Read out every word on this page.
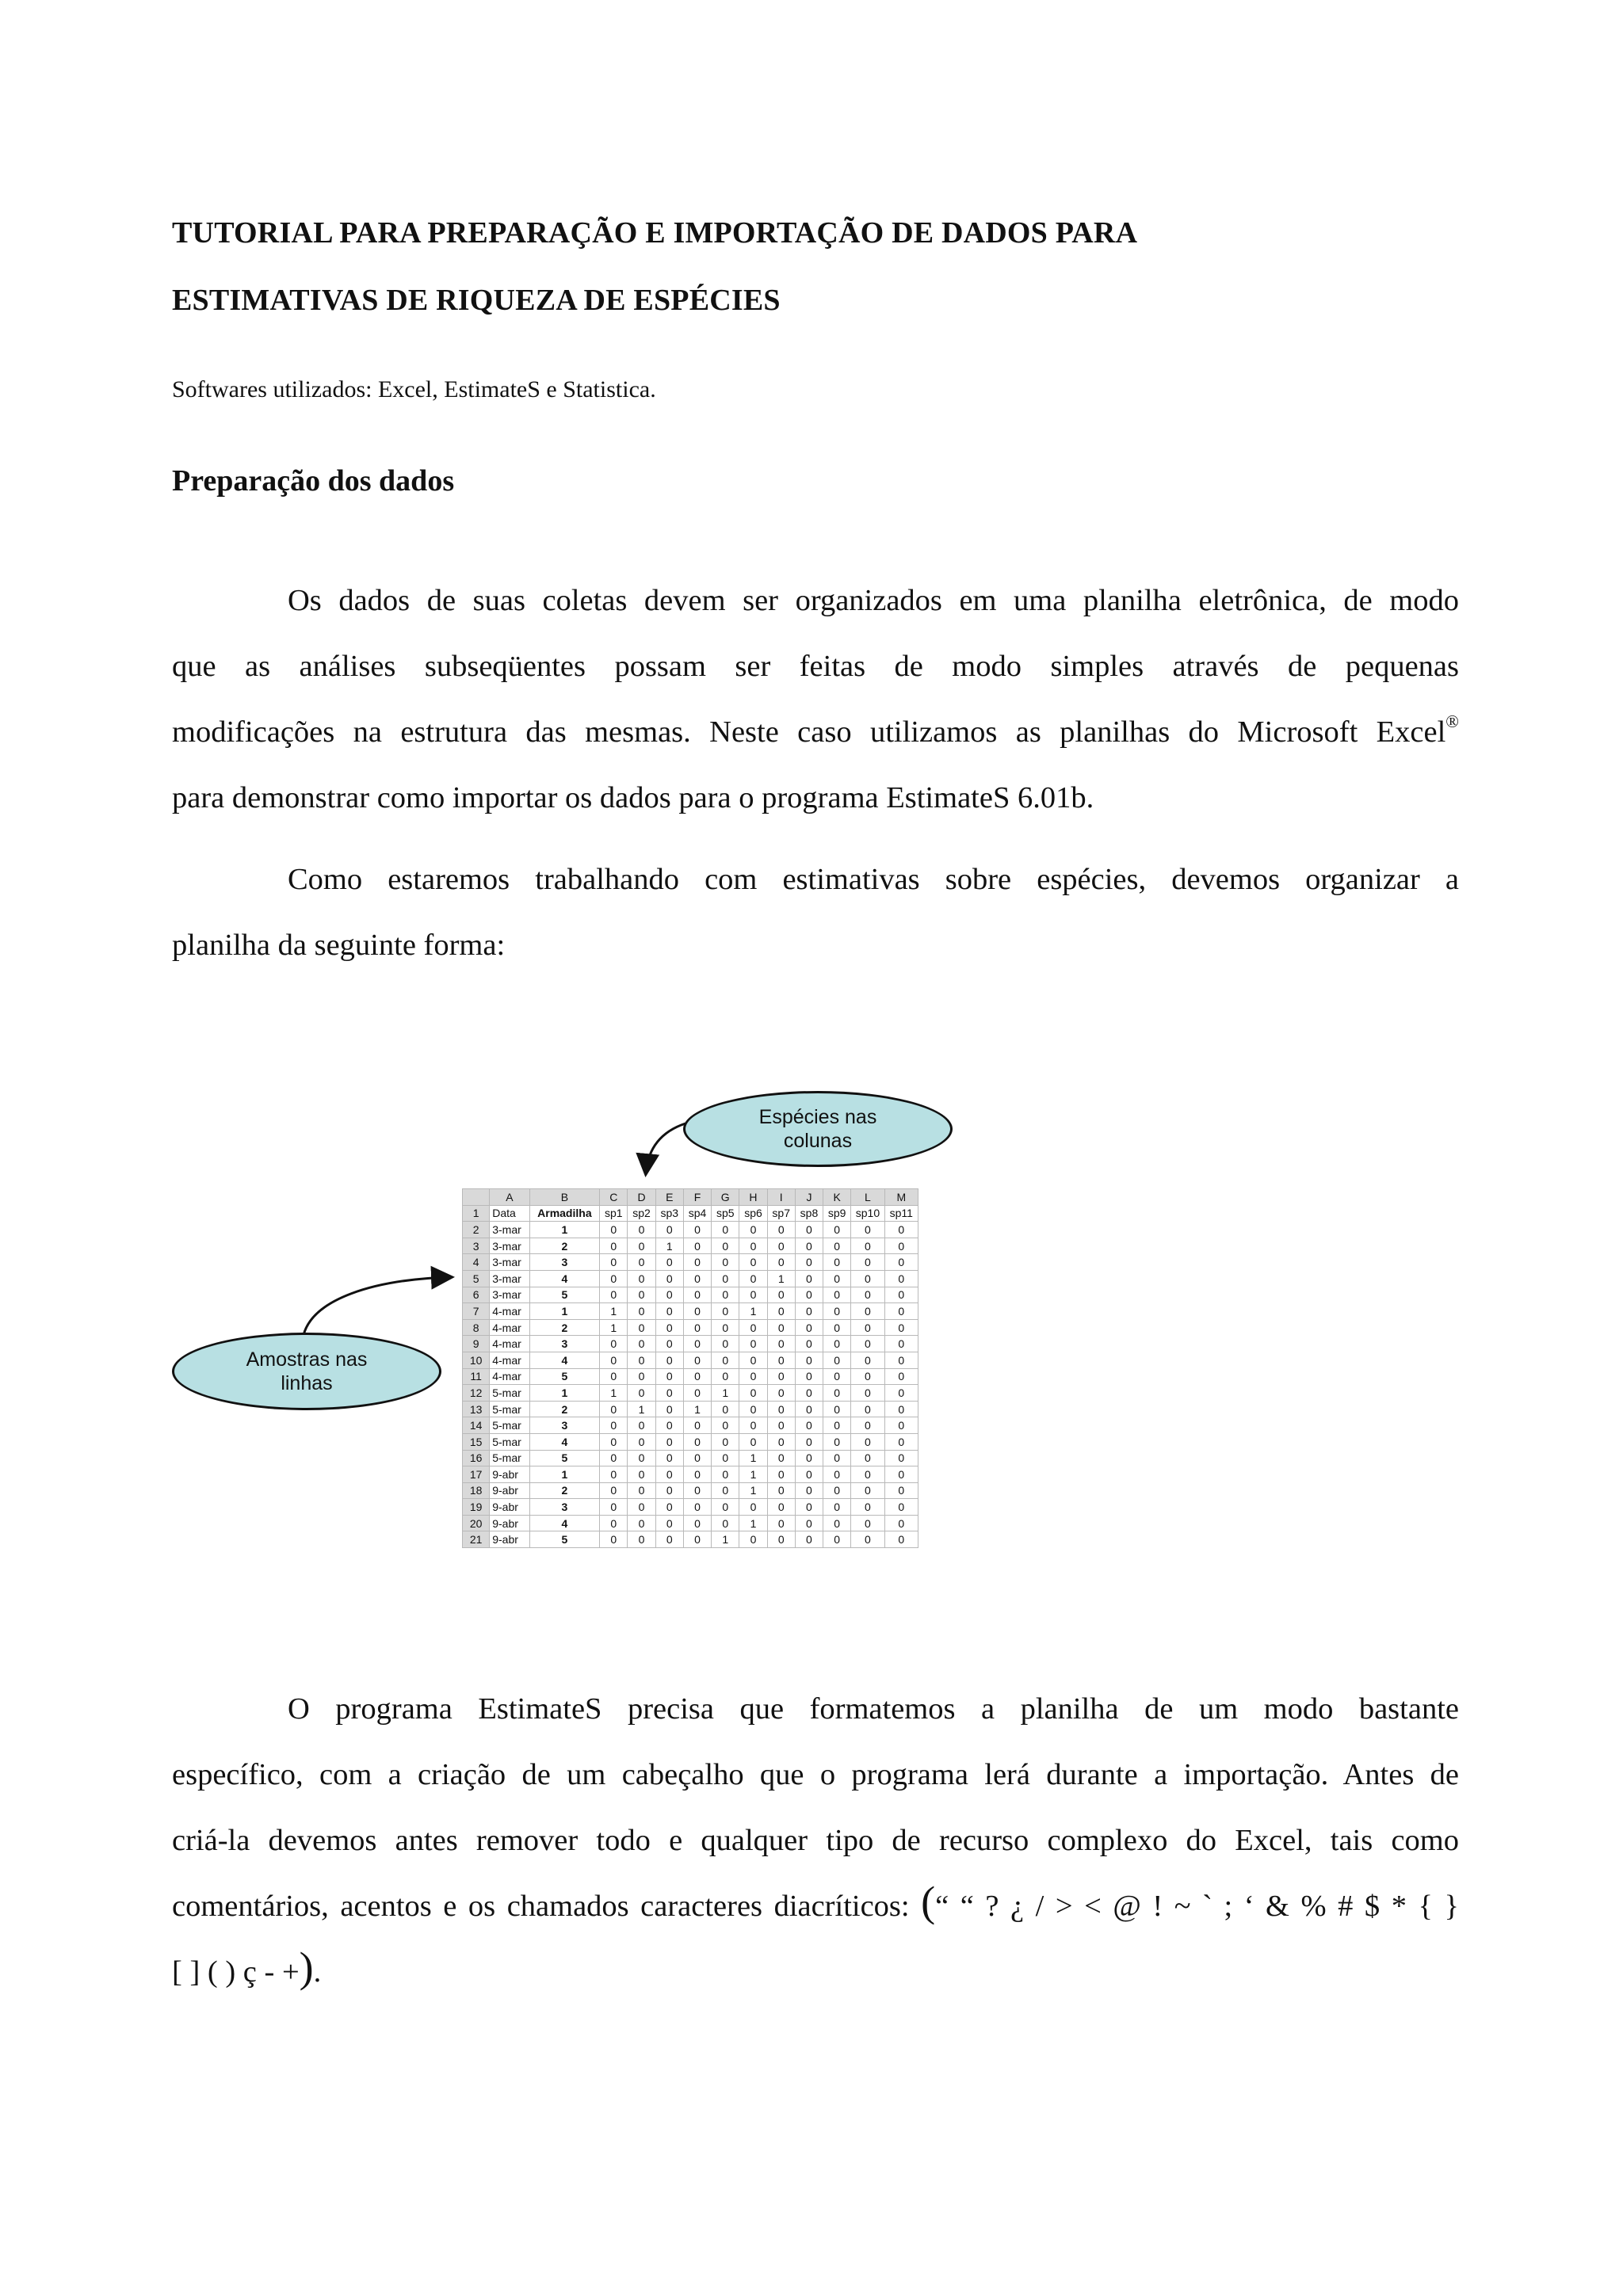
TUTORIAL PARA PREPARAÇÃO E IMPORTAÇÃO DE DADOS PARA
ESTIMATIVAS DE RIQUEZA DE ESPÉCIES
Softwares utilizados: Excel, EstimateS e Statistica.
Preparação dos dados
Os dados de suas coletas devem ser organizados em uma planilha eletrônica, de modo
que as análises subseqüentes possam ser feitas de modo simples através de pequenas
modificações na estrutura das mesmas. Neste caso utilizamos as planilhas do Microsoft Excel®
para demonstrar como importar os dados para o programa EstimateS 6.01b.
Como estaremos trabalhando com estimativas sobre espécies, devemos organizar a
planilha da seguinte forma:
Espécies nas colunas
Amostras nas linhas
	A	B	C	D	E	F	G	H	I	J	K	L	M
1	Data	Armadilha	sp1	sp2	sp3	sp4	sp5	sp6	sp7	sp8	sp9	sp10	sp11
2	3-mar	1	0	0	0	0	0	0	0	0	0	0	0
3	3-mar	2	0	0	1	0	0	0	0	0	0	0	0
4	3-mar	3	0	0	0	0	0	0	0	0	0	0	0
5	3-mar	4	0	0	0	0	0	0	1	0	0	0	0
6	3-mar	5	0	0	0	0	0	0	0	0	0	0	0
7	4-mar	1	1	0	0	0	0	1	0	0	0	0	0
8	4-mar	2	1	0	0	0	0	0	0	0	0	0	0
9	4-mar	3	0	0	0	0	0	0	0	0	0	0	0
10	4-mar	4	0	0	0	0	0	0	0	0	0	0	0
11	4-mar	5	0	0	0	0	0	0	0	0	0	0	0
12	5-mar	1	1	0	0	0	1	0	0	0	0	0	0
13	5-mar	2	0	1	0	1	0	0	0	0	0	0	0
14	5-mar	3	0	0	0	0	0	0	0	0	0	0	0
15	5-mar	4	0	0	0	0	0	0	0	0	0	0	0
16	5-mar	5	0	0	0	0	0	1	0	0	0	0	0
17	9-abr	1	0	0	0	0	0	1	0	0	0	0	0
18	9-abr	2	0	0	0	0	0	1	0	0	0	0	0
19	9-abr	3	0	0	0	0	0	0	0	0	0	0	0
20	9-abr	4	0	0	0	0	0	1	0	0	0	0	0
21	9-abr	5	0	0	0	0	1	0	0	0	0	0	0
O programa EstimateS precisa que formatemos a planilha de um modo bastante
específico, com a criação de um cabeçalho que o programa lerá durante a importação. Antes de
criá-la devemos antes remover todo e qualquer tipo de recurso complexo do Excel, tais como
comentários, acentos e os chamados caracteres diacríticos: (“ “ ? ¿ / > < @ ! ~ ` ; ‘ & % # $ * { }
[ ] ( ) ç - +).
